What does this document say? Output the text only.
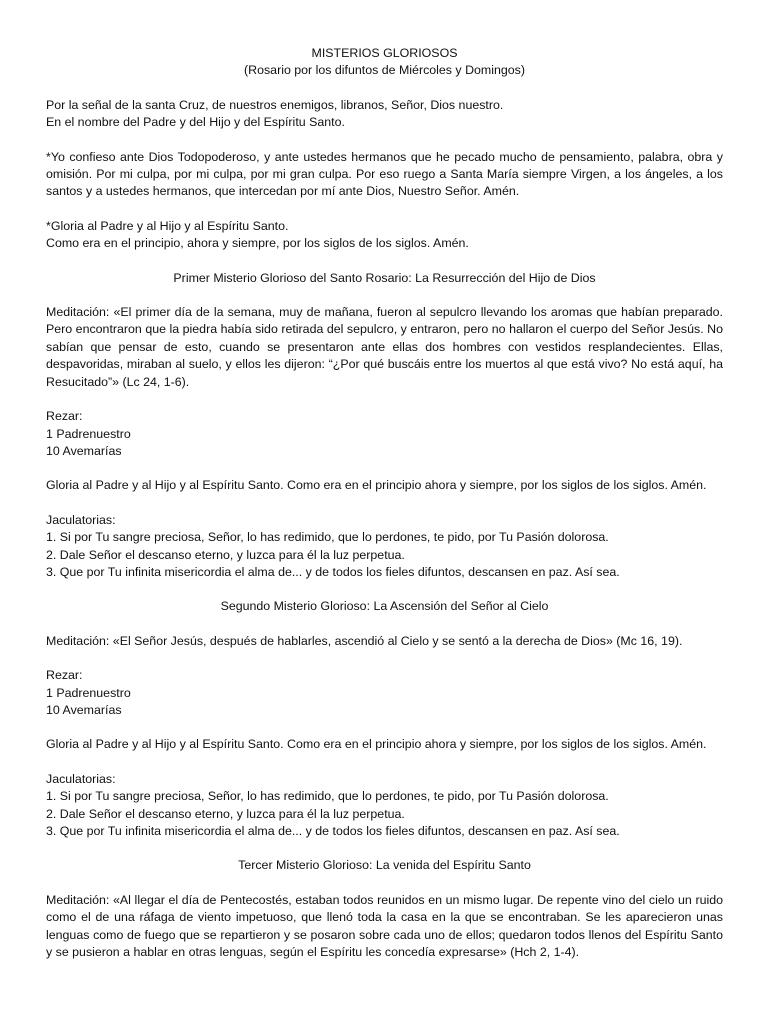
MISTERIOS GLORIOSOS
(Rosario por los difuntos de Miércoles y Domingos)

Por la señal de la santa Cruz, de nuestros enemigos, libranos, Señor, Dios nuestro.
En el nombre del Padre y del Hijo y del Espíritu Santo.

*Yo confieso ante Dios Todopoderoso, y ante ustedes hermanos que he pecado mucho de pensamiento, palabra, obra y omisión. Por mi culpa, por mi culpa, por mi gran culpa. Por eso ruego a Santa María siempre Virgen, a los ángeles, a los santos y a ustedes hermanos, que intercedan por mí ante Dios, Nuestro Señor. Amén.

*Gloria al Padre y al Hijo y al Espíritu Santo.
Como era en el principio, ahora y siempre, por los siglos de los siglos. Amén.

Primer Misterio Glorioso del Santo Rosario: La Resurrección del Hijo de Dios

Meditación: «El primer día de la semana, muy de mañana, fueron al sepulcro llevando los aromas que habían preparado. Pero encontraron que la piedra había sido retirada del sepulcro, y entraron, pero no hallaron el cuerpo del Señor Jesús. No sabían que pensar de esto, cuando se presentaron ante ellas dos hombres con vestidos resplandecientes. Ellas, despavoridas, miraban al suelo, y ellos les dijeron: “¿Por qué buscáis entre los muertos al que está vivo? No está aquí, ha Resucitado”» (Lc 24, 1-6).

Rezar:
1 Padrenuestro
10 Avemarías

Gloria al Padre y al Hijo y al Espíritu Santo. Como era en el principio ahora y siempre, por los siglos de los siglos. Amén.

Jaculatorias:
1. Si por Tu sangre preciosa, Señor, lo has redimido, que lo perdones, te pido, por Tu Pasión dolorosa.
2. Dale Señor el descanso eterno, y luzca para él la luz perpetua.
3. Que por Tu infinita misericordia el alma de... y de todos los fieles difuntos, descansen en paz. Así sea.

Segundo Misterio Glorioso: La Ascensión del Señor al Cielo

Meditación: «El Señor Jesús, después de hablarles, ascendió al Cielo y se sentó a la derecha de Dios» (Mc 16, 19).

Rezar:
1 Padrenuestro
10 Avemarías

Gloria al Padre y al Hijo y al Espíritu Santo. Como era en el principio ahora y siempre, por los siglos de los siglos. Amén.

Jaculatorias:
1. Si por Tu sangre preciosa, Señor, lo has redimido, que lo perdones, te pido, por Tu Pasión dolorosa.
2. Dale Señor el descanso eterno, y luzca para él la luz perpetua.
3. Que por Tu infinita misericordia el alma de... y de todos los fieles difuntos, descansen en paz. Así sea.

Tercer Misterio Glorioso: La venida del Espíritu Santo

Meditación: «Al llegar el día de Pentecostés, estaban todos reunidos en un mismo lugar. De repente vino del cielo un ruido como el de una ráfaga de viento impetuoso, que llenó toda la casa en la que se encontraban. Se les aparecieron unas lenguas como de fuego que se repartieron y se posaron sobre cada uno de ellos; quedaron todos llenos del Espíritu Santo y se pusieron a hablar en otras lenguas, según el Espíritu les concedía expresarse» (Hch 2, 1-4).
